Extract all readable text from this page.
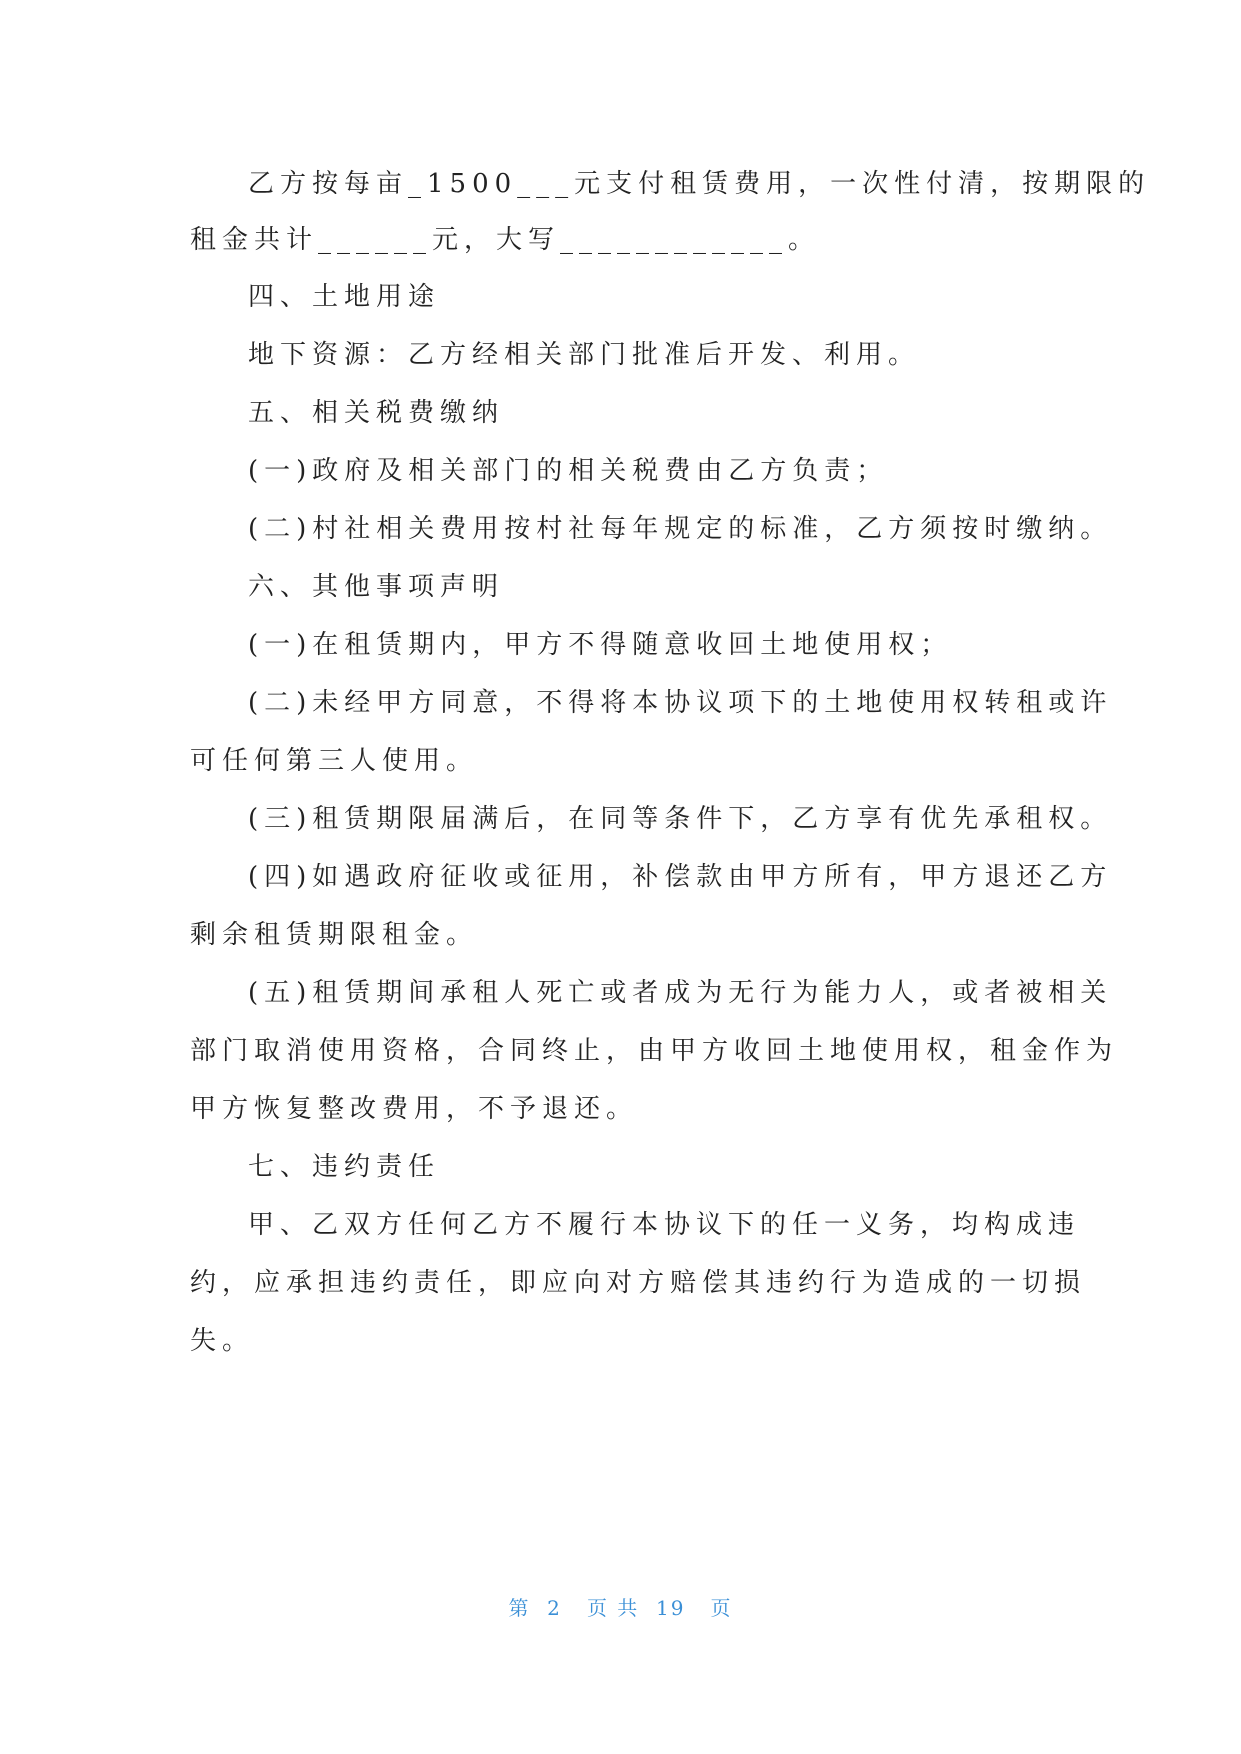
乙方按每亩_1500___元支付租赁费用，一次性付清，按期限的
租金共计______元，大写____________。
四、土地用途
地下资源：乙方经相关部门批准后开发、利用。
五、相关税费缴纳
(一)政府及相关部门的相关税费由乙方负责；
(二)村社相关费用按村社每年规定的标准，乙方须按时缴纳。
六、其他事项声明
(一)在租赁期内，甲方不得随意收回土地使用权；
(二)未经甲方同意，不得将本协议项下的土地使用权转租或许
可任何第三人使用。
(三)租赁期限届满后，在同等条件下，乙方享有优先承租权。
(四)如遇政府征收或征用，补偿款由甲方所有，甲方退还乙方
剩余租赁期限租金。
(五)租赁期间承租人死亡或者成为无行为能力人，或者被相关
部门取消使用资格，合同终止，由甲方收回土地使用权，租金作为
甲方恢复整改费用，不予退还。
七、违约责任
甲、乙双方任何乙方不履行本协议下的任一义务，均构成违
约，应承担违约责任，即应向对方赔偿其违约行为造成的一切损
失。
第  2   页 共  19   页
